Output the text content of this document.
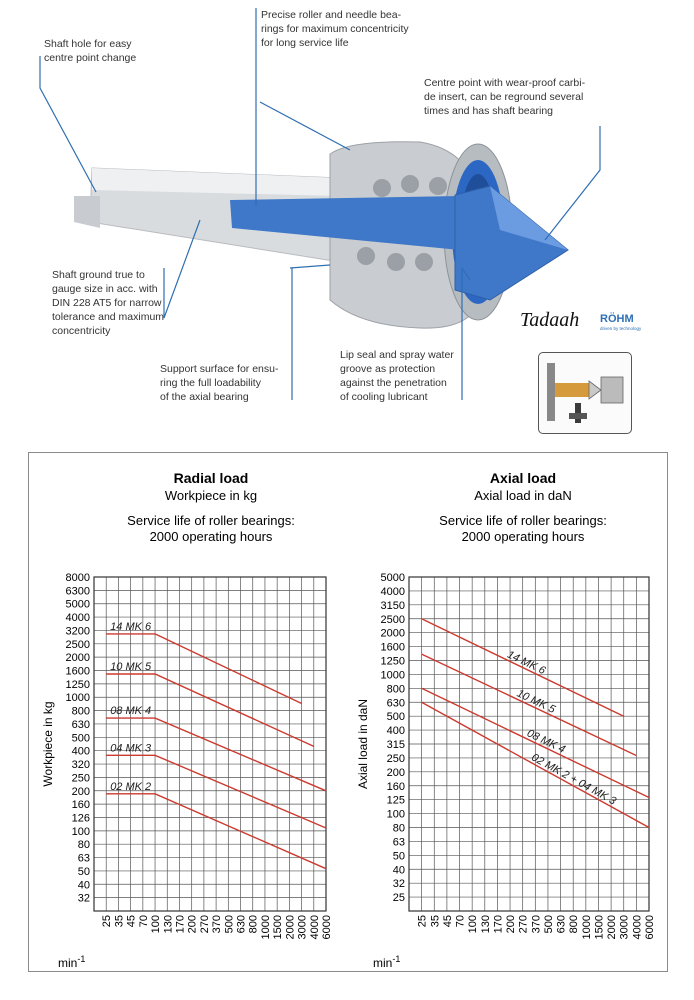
Tadaah RÖHM
driven by technology

Shaft hole for easy
centre point change

Precise roller and needle bea-
rings for maximum concentricity
for long service life

Centre point with wear-proof carbi-
de insert, can be reground several
times and has shaft bearing

Shaft ground true to
gauge size in acc. with
DIN 228 AT5 for narrow
tolerance and maximum
concentricity

Support surface for ensu-
ring the full loadability
of the axial bearing

Lip seal and spray water
groove as protection
against the penetration
of cooling lubricant

Radial load
Workpiece in kg
Service life of roller bearings: 2000 operating hours
Axial load
Axial load in daN
Service life of roller bearings: 2000 operating hours
32
40
50
63
80
100
126
160
200
250
320
400
500
630
800
1000
1250
1600
2000
2500
3200
4000
5000
6300
8000
25 35 45 70 100 130 170 200 270 370 500 630 800 1000 1500 2000 3000 4000 6000
Workpiece in kg
$\min^{-1}$
14 MK 6
10 MK 5
08 MK 4
04 MK 3
02 MK 2
25
32
40
50
63
80
100
125
160
200
250
315
400
500
630
800
1000
1250
1600
2000
2500
3150
4000
5000
25 35 45 70 100 130 170 200 270 370 500 630 800 1000 1500 2000 3000 4000 6000
Axial load in daN
$\min^{-1}$
14 MK 6
10 MK 5
08 MK 4
02 MK 2 + 04 MK 3
